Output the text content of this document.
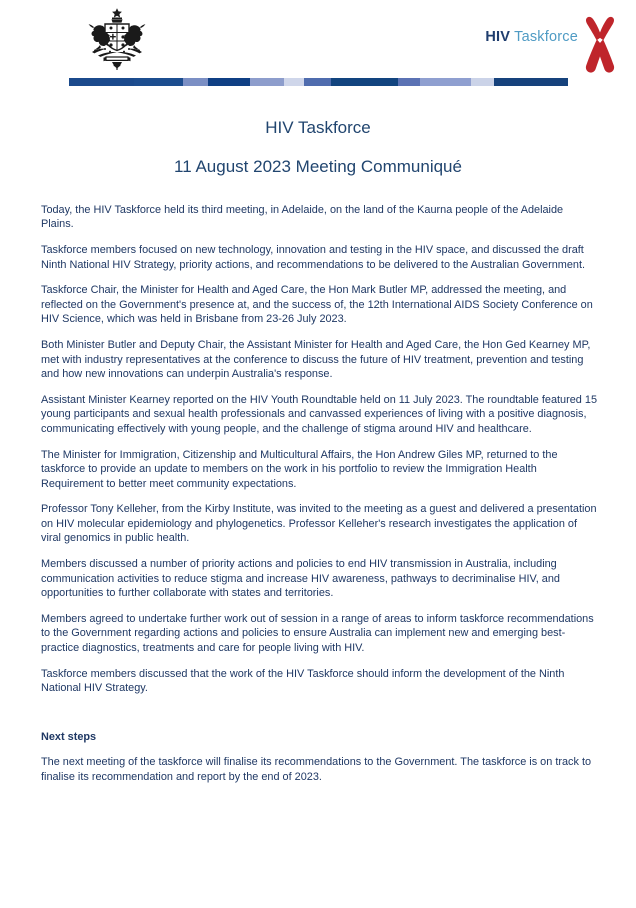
HIV Taskforce
HIV Taskforce
11 August 2023 Meeting Communiqué

Today, the HIV Taskforce held its third meeting, in Adelaide, on the land of the Kaurna people of the Adelaide Plains.

Taskforce members focused on new technology, innovation and testing in the HIV space, and discussed the draft Ninth National HIV Strategy, priority actions, and recommendations to be delivered to the Australian Government.

Taskforce Chair, the Minister for Health and Aged Care, the Hon Mark Butler MP, addressed the meeting, and reflected on the Government's presence at, and the success of, the 12th International AIDS Society Conference on HIV Science, which was held in Brisbane from 23-26 July 2023.

Both Minister Butler and Deputy Chair, the Assistant Minister for Health and Aged Care, the Hon Ged Kearney MP, met with industry representatives at the conference to discuss the future of HIV treatment, prevention and testing and how new innovations can underpin Australia's response.

Assistant Minister Kearney reported on the HIV Youth Roundtable held on 11 July 2023. The roundtable featured 15 young participants and sexual health professionals and canvassed experiences of living with a positive diagnosis, communicating effectively with young people, and the challenge of stigma around HIV and healthcare.

The Minister for Immigration, Citizenship and Multicultural Affairs, the Hon Andrew Giles MP, returned to the taskforce to provide an update to members on the work in his portfolio to review the Immigration Health Requirement to better meet community expectations.

Professor Tony Kelleher, from the Kirby Institute, was invited to the meeting as a guest and delivered a presentation on HIV molecular epidemiology and phylogenetics. Professor Kelleher's research investigates the application of viral genomics in public health.

Members discussed a number of priority actions and policies to end HIV transmission in Australia, including communication activities to reduce stigma and increase HIV awareness, pathways to decriminalise HIV, and opportunities to further collaborate with states and territories.

Members agreed to undertake further work out of session in a range of areas to inform taskforce recommendations to the Government regarding actions and policies to ensure Australia can implement new and emerging best-practice diagnostics, treatments and care for people living with HIV.

Taskforce members discussed that the work of the HIV Taskforce should inform the development of the Ninth National HIV Strategy.

Next steps

The next meeting of the taskforce will finalise its recommendations to the Government. The taskforce is on track to finalise its recommendation and report by the end of 2023.
